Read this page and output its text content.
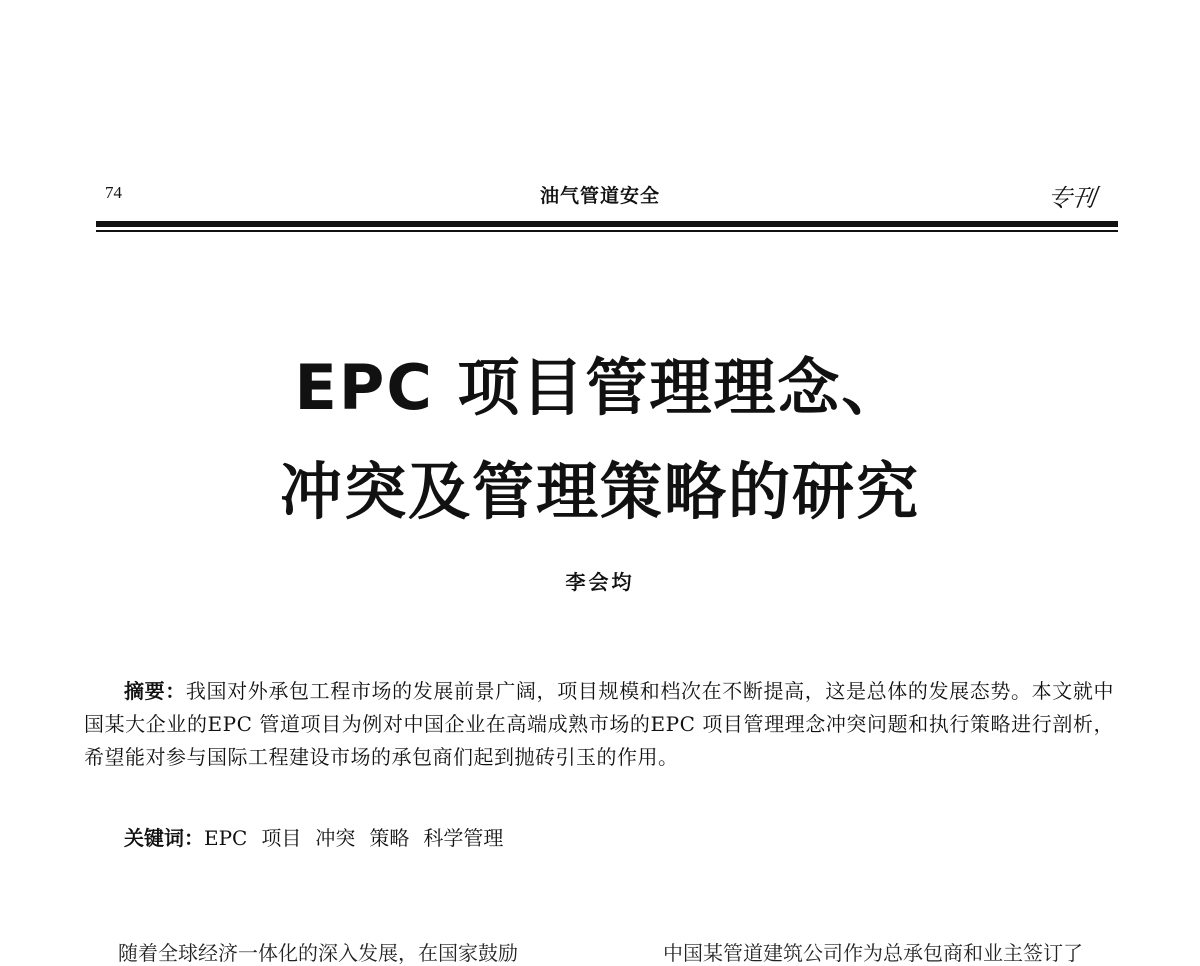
74	油气管道安全	专刊
EPC 项目管理理念、
冲突及管理策略的研究
李会均
摘要：我国对外承包工程市场的发展前景广阔，项目规模和档次在不断提高，这是总体的发展态势。本文就中国某大企业的EPC 管道项目为例对中国企业在高端成熟市场的EPC 项目管理理念冲突问题和执行策略进行剖析，希望能对参与国际工程建设市场的承包商们起到抛砖引玉的作用。
关键词：EPC 项目 冲突 策略 科学管理
随着全球经济一体化的深入发展，在国家鼓励	中国某管道建筑公司作为总承包商和业主签订了
